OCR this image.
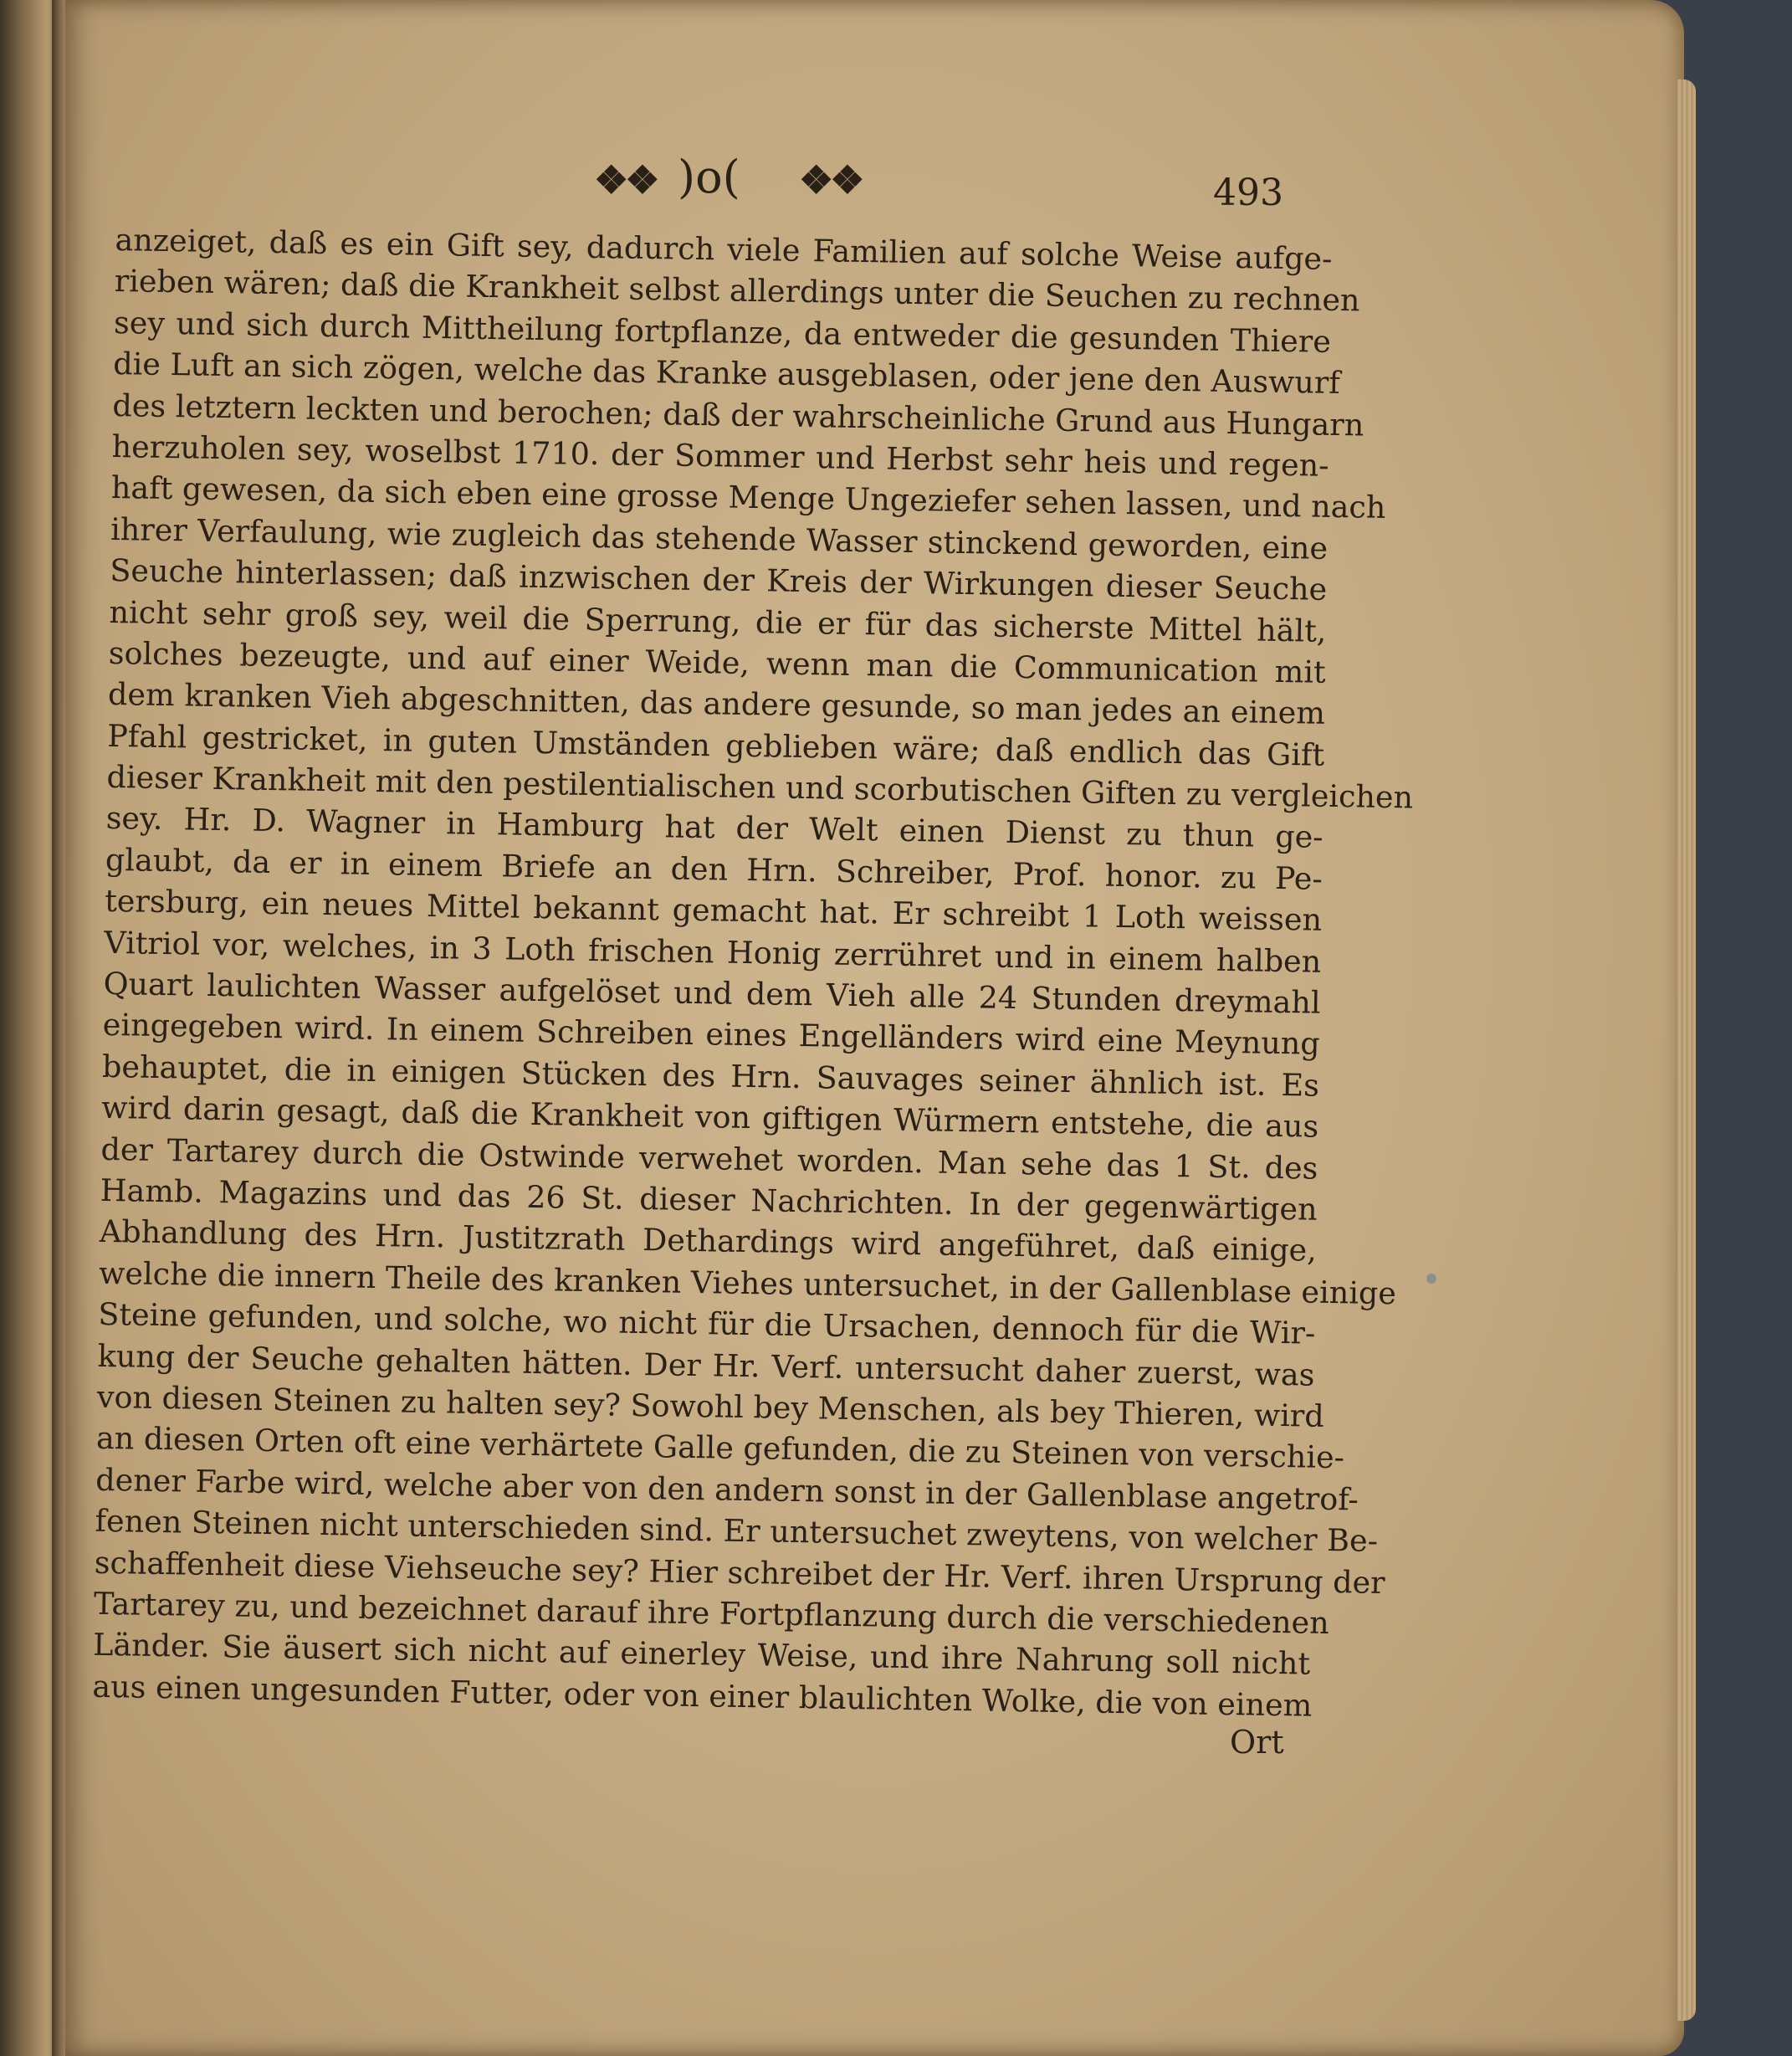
❖❖ )o( ❖❖	493
anzeiget, daß es ein Gift sey, dadurch viele Familien auf solche Weise aufge-
rieben wären; daß die Krankheit selbst allerdings unter die Seuchen zu rechnen
sey und sich durch Mittheilung fortpflanze, da entweder die gesunden Thiere
die Luft an sich zögen, welche das Kranke ausgeblasen, oder jene den Auswurf
des letztern leckten und berochen; daß der wahrscheinliche Grund aus Hungarn
herzuholen sey, woselbst 1710. der Sommer und Herbst sehr heis und regen-
haft gewesen, da sich eben eine grosse Menge Ungeziefer sehen lassen, und nach
ihrer Verfaulung, wie zugleich das stehende Wasser stinckend geworden, eine
Seuche hinterlassen; daß inzwischen der Kreis der Wirkungen dieser Seuche
nicht sehr groß sey, weil die Sperrung, die er für das sicherste Mittel hält,
solches bezeugte, und auf einer Weide, wenn man die Communication mit
dem kranken Vieh abgeschnitten, das andere gesunde, so man jedes an einem
Pfahl gestricket, in guten Umständen geblieben wäre; daß endlich das Gift
dieser Krankheit mit den pestilentialischen und scorbutischen Giften zu vergleichen
sey. Hr. D. Wagner in Hamburg hat der Welt einen Dienst zu thun ge-
glaubt, da er in einem Briefe an den Hrn. Schreiber, Prof. honor. zu Pe-
tersburg, ein neues Mittel bekannt gemacht hat. Er schreibt 1 Loth weissen
Vitriol vor, welches, in 3 Loth frischen Honig zerrühret und in einem halben
Quart laulichten Wasser aufgelöset und dem Vieh alle 24 Stunden dreymahl
eingegeben wird. In einem Schreiben eines Engelländers wird eine Meynung
behauptet, die in einigen Stücken des Hrn. Sauvages seiner ähnlich ist. Es
wird darin gesagt, daß die Krankheit von giftigen Würmern entstehe, die aus
der Tartarey durch die Ostwinde verwehet worden. Man sehe das 1 St. des
Hamb. Magazins und das 26 St. dieser Nachrichten. In der gegenwärtigen
Abhandlung des Hrn. Justitzrath Dethardings wird angeführet, daß einige,
welche die innern Theile des kranken Viehes untersuchet, in der Gallenblase einige
Steine gefunden, und solche, wo nicht für die Ursachen, dennoch für die Wir-
kung der Seuche gehalten hätten. Der Hr. Verf. untersucht daher zuerst, was
von diesen Steinen zu halten sey? Sowohl bey Menschen, als bey Thieren, wird
an diesen Orten oft eine verhärtete Galle gefunden, die zu Steinen von verschie-
dener Farbe wird, welche aber von den andern sonst in der Gallenblase angetrof-
fenen Steinen nicht unterschieden sind. Er untersuchet zweytens, von welcher Be-
schaffenheit diese Viehseuche sey? Hier schreibet der Hr. Verf. ihren Ursprung der
Tartarey zu, und bezeichnet darauf ihre Fortpflanzung durch die verschiedenen
Länder. Sie äusert sich nicht auf einerley Weise, und ihre Nahrung soll nicht
aus einen ungesunden Futter, oder von einer blaulichten Wolke, die von einem
Ort
